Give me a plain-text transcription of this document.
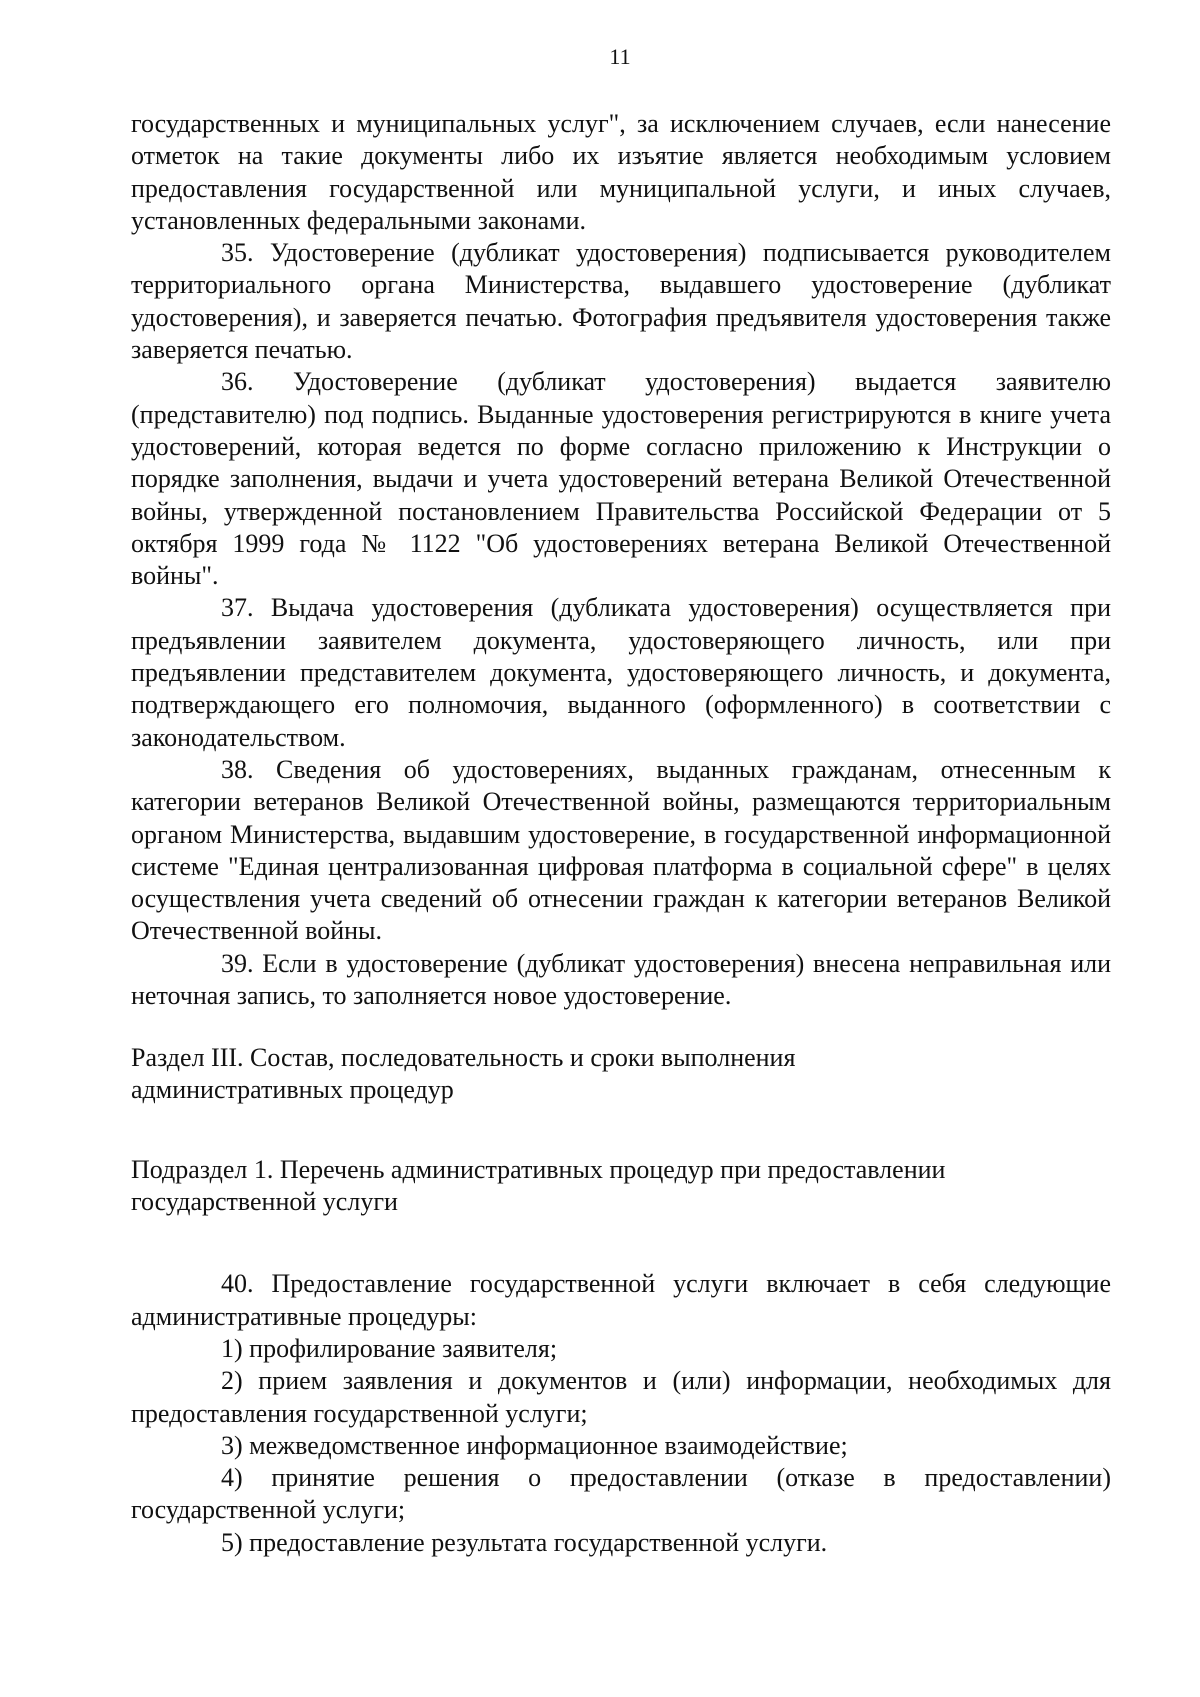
11

государственных и муниципальных услуг", за исключением случаев, если нанесение отметок на такие документы либо их изъятие является необходимым условием предоставления государственной или муниципальной услуги, и иных случаев, установленных федеральными законами.

35. Удостоверение (дубликат удостоверения) подписывается руководителем территориального органа Министерства, выдавшего удостоверение (дубликат удостоверения), и заверяется печатью. Фотография предъявителя удостоверения также заверяется печатью.

36. Удостоверение (дубликат удостоверения) выдается заявителю (представителю) под подпись. Выданные удостоверения регистрируются в книге учета удостоверений, которая ведется по форме согласно приложению к Инструкции о порядке заполнения, выдачи и учета удостоверений ветерана Великой Отечественной войны, утвержденной постановлением Правительства Российской Федерации от 5 октября 1999 года № 1122 "Об удостоверениях ветерана Великой Отечественной войны".

37. Выдача удостоверения (дубликата удостоверения) осуществляется при предъявлении заявителем документа, удостоверяющего личность, или при предъявлении представителем документа, удостоверяющего личность, и документа, подтверждающего его полномочия, выданного (оформленного) в соответствии с законодательством.

38. Сведения об удостоверениях, выданных гражданам, отнесенным к категории ветеранов Великой Отечественной войны, размещаются территориальным органом Министерства, выдавшим удостоверение, в государственной информационной системе "Единая централизованная цифровая платформа в социальной сфере" в целях осуществления учета сведений об отнесении граждан к категории ветеранов Великой Отечественной войны.

39. Если в удостоверение (дубликат удостоверения) внесена неправильная или неточная запись, то заполняется новое удостоверение.

Раздел III. Состав, последовательность и сроки выполнения
административных процедур

Подраздел 1. Перечень административных процедур при предоставлении
государственной услуги

40. Предоставление государственной услуги включает в себя следующие административные процедуры:

1) профилирование заявителя;

2) прием заявления и документов и (или) информации, необходимых для предоставления государственной услуги;

3) межведомственное информационное взаимодействие;

4) принятие решения о предоставлении (отказе в предоставлении) государственной услуги;

5) предоставление результата государственной услуги.
